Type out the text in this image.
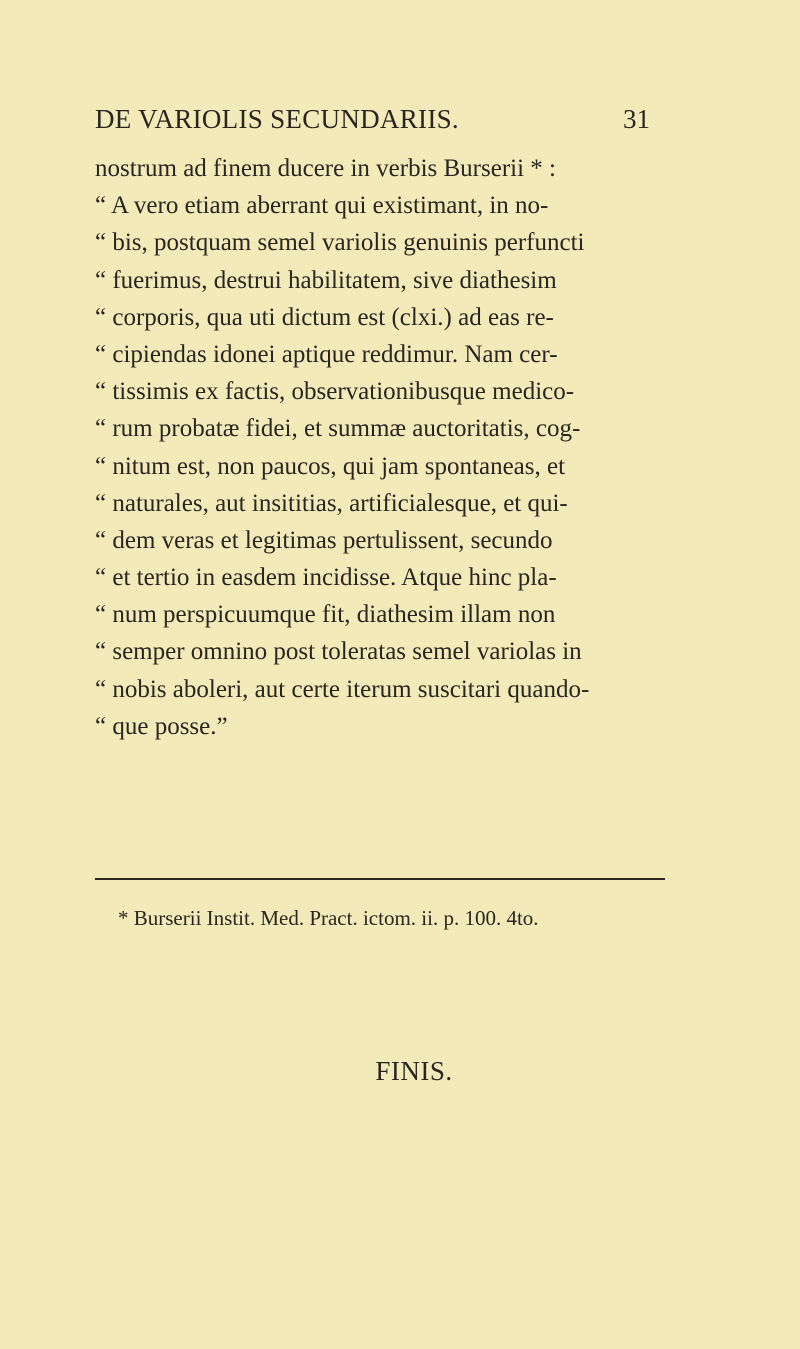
DE VARIOLIS SECUNDARIIS.	31
nostrum ad finem ducere in verbis Burserii * :
“ A vero etiam aberrant qui existimant, in no-
“ bis, postquam semel variolis genuinis perfuncti
“ fuerimus, destrui habilitatem, sive diathesim
“ corporis, qua uti dictum est (clxi.) ad eas re-
“ cipiendas idonei aptique reddimur. Nam cer-
“ tissimis ex factis, observationibusque medico-
“ rum probatæ fidei, et summæ auctoritatis, cog-
“ nitum est, non paucos, qui jam spontaneas, et
“ naturales, aut insititias, artificialesque, et qui-
“ dem veras et legitimas pertulissent, secundo
“ et tertio in easdem incidisse. Atque hinc pla-
“ num perspicuumque fit, diathesim illam non
“ semper omnino post toleratas semel variolas in
“ nobis aboleri, aut certe iterum suscitari quando-
“ que posse.”
* Burserii Instit. Med. Pract. ictom. ii. p. 100. 4to.
FINIS.
